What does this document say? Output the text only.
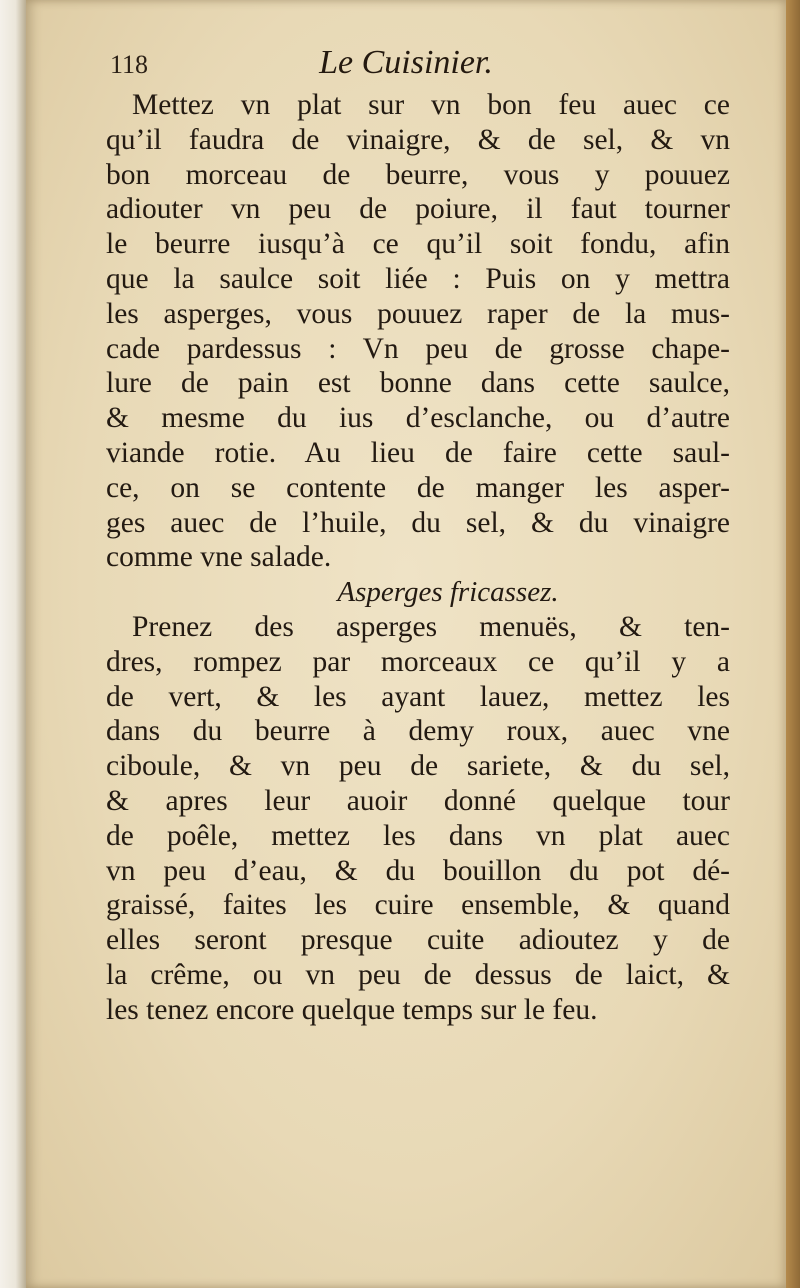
118	Le Cuisinier.
Mettez vn plat sur vn bon feu auec ce
qu’il faudra de vinaigre, & de sel, & vn
bon morceau de beurre, vous y pouuez
adiouter vn peu de poiure, il faut tourner
le beurre iusqu’à ce qu’il soit fondu, afin
que la saulce soit liée : Puis on y mettra
les asperges, vous pouuez raper de la mus-
cade pardessus : Vn peu de grosse chape-
lure de pain est bonne dans cette saulce,
& mesme du ius d’esclanche, ou d’autre
viande rotie. Au lieu de faire cette saul-
ce, on se contente de manger les asper-
ges auec de l’huile, du sel, & du vinaigre
comme vne salade.
Asperges fricassez.
Prenez des asperges menuës, & ten-
dres, rompez par morceaux ce qu’il y a
de vert, & les ayant lauez, mettez les
dans du beurre à demy roux, auec vne
ciboule, & vn peu de sariete, & du sel,
& apres leur auoir donné quelque tour
de poêle, mettez les dans vn plat auec
vn peu d’eau, & du bouillon du pot dé-
graissé, faites les cuire ensemble, & quand
elles seront presque cuite adioutez y de
la crême, ou vn peu de dessus de laict, &
les tenez encore quelque temps sur le feu.
